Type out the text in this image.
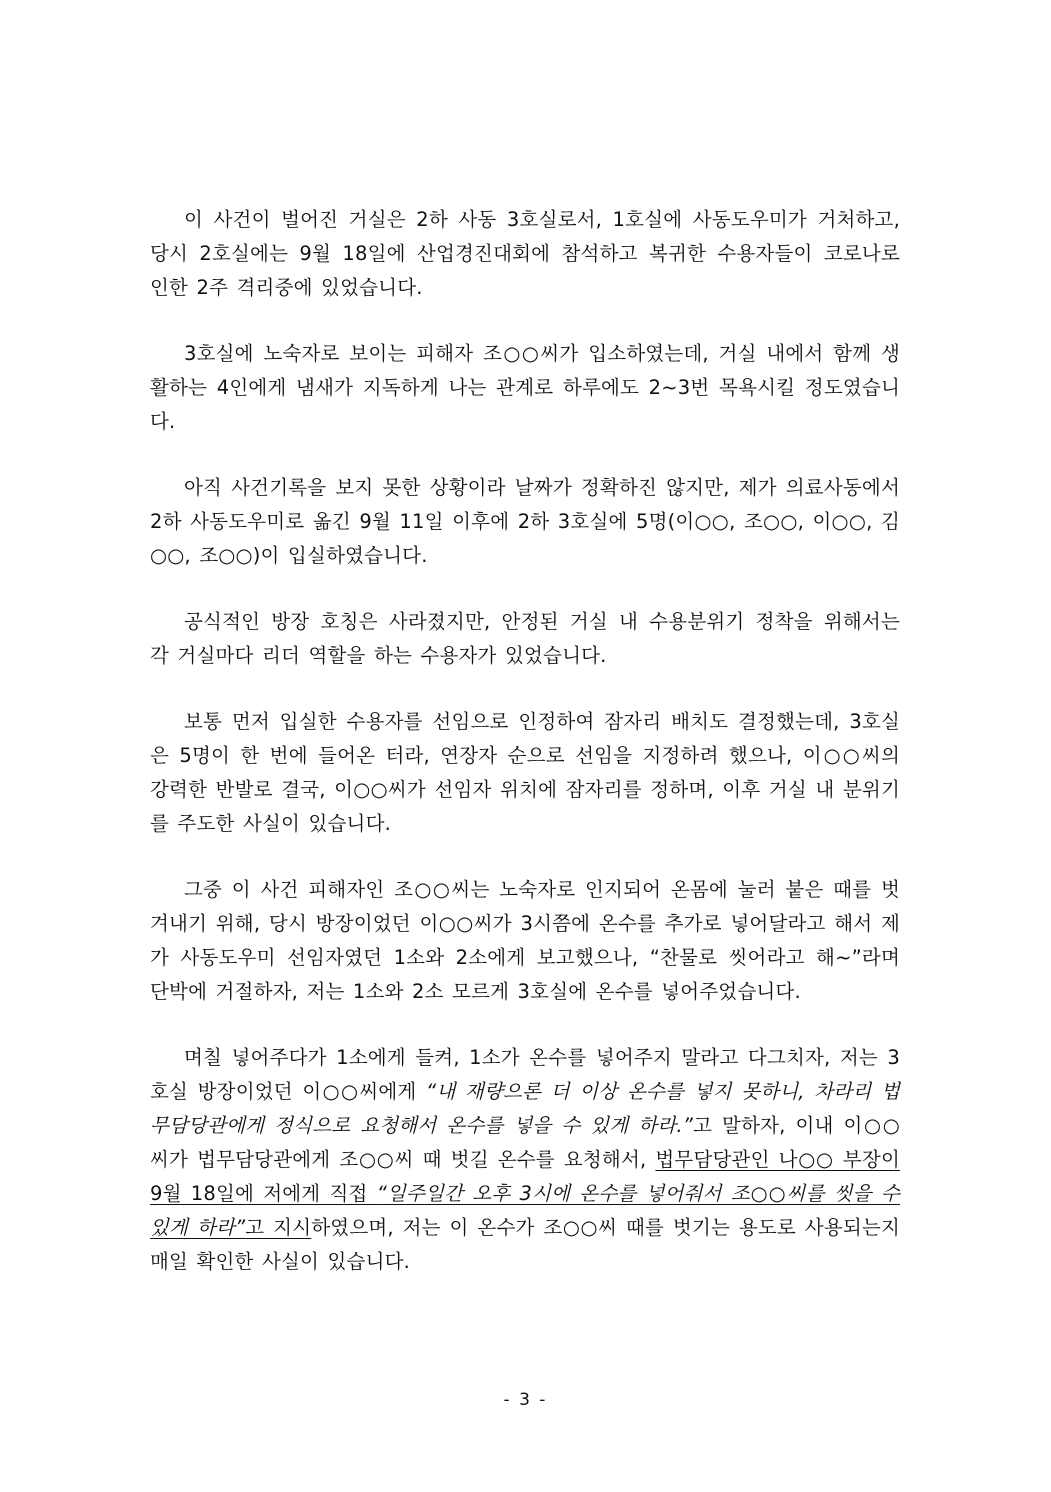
이 사건이 벌어진 거실은 2하 사동 3호실로서, 1호실에 사동도우미가 거처하고, 당시 2호실에는 9월 18일에 산업경진대회에 참석하고 복귀한 수용자들이 코로나로 인한 2주 격리중에 있었습니다.

3호실에 노숙자로 보이는 피해자 조○○씨가 입소하였는데, 거실 내에서 함께 생활하는 4인에게 냄새가 지독하게 나는 관계로 하루에도 2~3번 목욕시킬 정도였습니다.

아직 사건기록을 보지 못한 상황이라 날짜가 정확하진 않지만, 제가 의료사동에서 2하 사동도우미로 옮긴 9월 11일 이후에 2하 3호실에 5명(이○○, 조○○, 이○○, 김○○, 조○○)이 입실하였습니다.

공식적인 방장 호칭은 사라졌지만, 안정된 거실 내 수용분위기 정착을 위해서는 각 거실마다 리더 역할을 하는 수용자가 있었습니다.

보통 먼저 입실한 수용자를 선임으로 인정하여 잠자리 배치도 결정했는데, 3호실은 5명이 한 번에 들어온 터라, 연장자 순으로 선임을 지정하려 했으나, 이○○씨의 강력한 반발로 결국, 이○○씨가 선임자 위치에 잠자리를 정하며, 이후 거실 내 분위기를 주도한 사실이 있습니다.

그중 이 사건 피해자인 조○○씨는 노숙자로 인지되어 온몸에 눌러 붙은 때를 벗겨내기 위해, 당시 방장이었던 이○○씨가 3시쯤에 온수를 추가로 넣어달라고 해서 제가 사동도우미 선임자였던 1소와 2소에게 보고했으나, “찬물로 씻어라고 해~”라며 단박에 거절하자, 저는 1소와 2소 모르게 3호실에 온수를 넣어주었습니다.

며칠 넣어주다가 1소에게 들켜, 1소가 온수를 넣어주지 말라고 다그치자, 저는 3호실 방장이었던 이○○씨에게 “내 재량으론 더 이상 온수를 넣지 못하니, 차라리 법무담당관에게 정식으로 요청해서 온수를 넣을 수 있게 하라.”고 말하자, 이내 이○○씨가 법무담당관에게 조○○씨 때 벗길 온수를 요청해서, 법무담당관인 나○○ 부장이 9월 18일에 저에게 직접 “일주일간 오후 3시에 온수를 넣어줘서 조○○씨를 씻을 수 있게 하라”고 지시하였으며, 저는 이 온수가 조○○씨 때를 벗기는 용도로 사용되는지 매일 확인한 사실이 있습니다.

- 3 -
